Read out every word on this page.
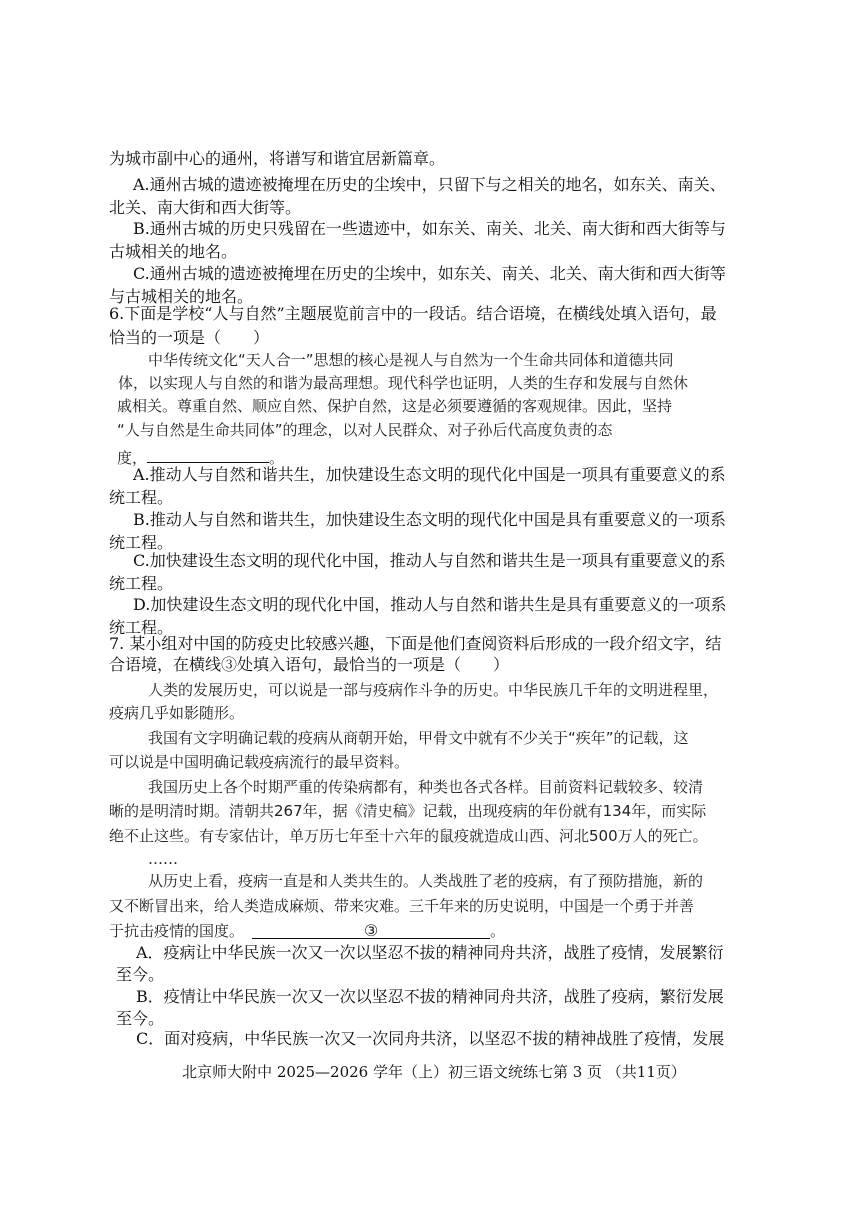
为城市副中心的通州，将谱写和谐宜居新篇章。
A.通州古城的遗迹被掩埋在历史的尘埃中，只留下与之相关的地名，如东关、南关、
北关、南大街和西大街等。
B.通州古城的历史只残留在一些遗迹中，如东关、南关、北关、南大街和西大街等与
古城相关的地名。
C.通州古城的遗迹被掩埋在历史的尘埃中，如东关、南关、北关、南大街和西大街等
与古城相关的地名。
6.下面是学校“人与自然”主题展览前言中的一段话。结合语境，在横线处填入语句，最
恰当的一项是（　　）
中华传统文化“天人合一”思想的核心是视人与自然为一个生命共同体和道德共同
体，以实现人与自然的和谐为最高理想。现代科学也证明，人类的生存和发展与自然休
戚相关。尊重自然、顺应自然、保护自然，这是必须要遵循的客观规律。因此，坚持
“人与自然是生命共同体”的理念，以对人民群众、对子孙后代高度负责的态
度，	。
A.推动人与自然和谐共生，加快建设生态文明的现代化中国是一项具有重要意义的系
统工程。
B.推动人与自然和谐共生，加快建设生态文明的现代化中国是具有重要意义的一项系
统工程。
C.加快建设生态文明的现代化中国，推动人与自然和谐共生是一项具有重要意义的系
统工程。
D.加快建设生态文明的现代化中国，推动人与自然和谐共生是具有重要意义的一项系
统工程。
7. 某小组对中国的防疫史比较感兴趣，下面是他们查阅资料后形成的一段介绍文字，结
合语境，在横线③处填入语句，最恰当的一项是（　　）
人类的发展历史，可以说是一部与疫病作斗争的历史。中华民族几千年的文明进程里，
疫病几乎如影随形。
我国有文字明确记载的疫病从商朝开始，甲骨文中就有不少关于“疾年”的记载，这
可以说是中国明确记载疫病流行的最早资料。
我国历史上各个时期严重的传染病都有，种类也各式各样。目前资料记载较多、较清
晰的是明清时期。清朝共267年，据《清史稿》记载，出现疫病的年份就有134年，而实际
绝不止这些。有专家估计，单万历七年至十六年的鼠疫就造成山西、河北500万人的死亡。
……
从历史上看，疫病一直是和人类共生的。人类战胜了老的疫病，有了预防措施，新的
又不断冒出来，给人类造成麻烦、带来灾难。三千年来的历史说明，中国是一个勇于并善
于抗击疫情的国度。	③	。
A．疫病让中华民族一次又一次以坚忍不拔的精神同舟共济，战胜了疫情，发展繁衍
至今。
B．疫情让中华民族一次又一次以坚忍不拔的精神同舟共济，战胜了疫病，繁衍发展
至今。
C．面对疫病，中华民族一次又一次同舟共济，以坚忍不拔的精神战胜了疫情，发展
北京师大附中 2025—2026 学年（上）初三语文统练七第 3 页 （共11页）
